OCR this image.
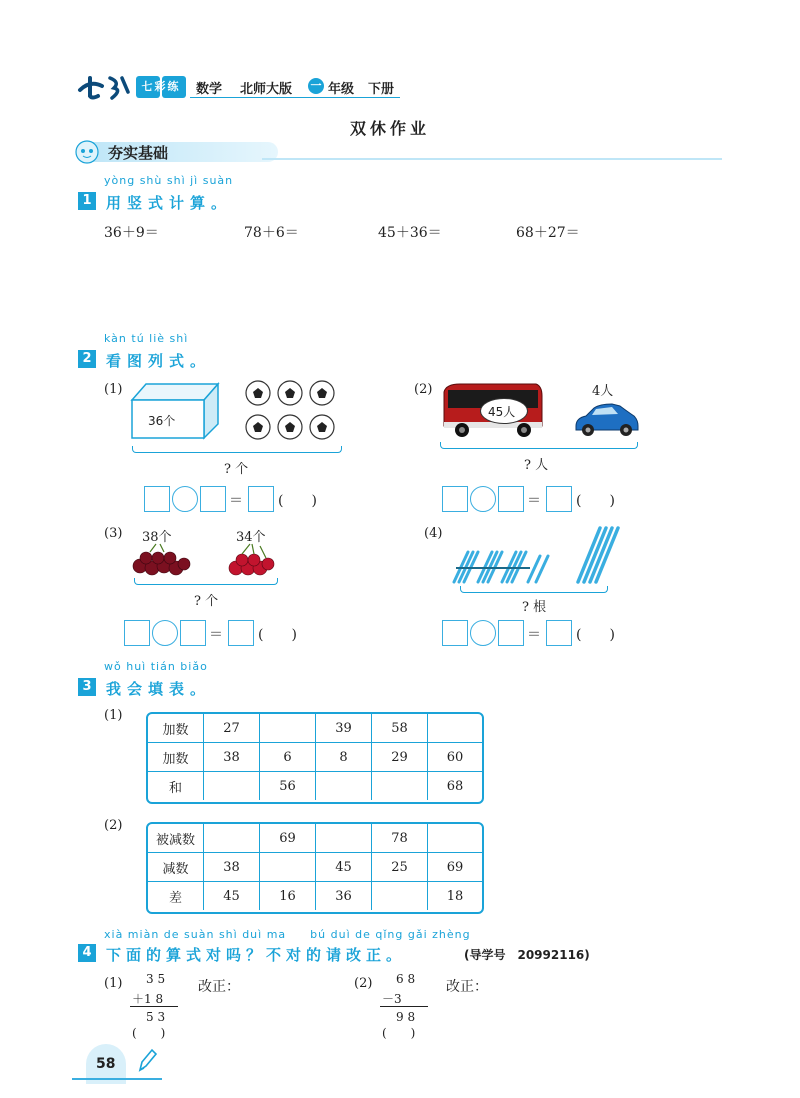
七彩练霸
数学 北师大版 一 年级 下册
双休作业
夯实基础
yòng shù shì jì suàn
1 用竖式计算。
36＋9＝	78＋6＝	45＋36＝	68＋27＝
kàn tú liè shì
2 看图列式。
(1)
36个
? 个
＝	(　　)
(2)
45人
4人
? 人
＝	(　　)
(3) 38个	34个
? 个
＝	(　　)
(4)
? 根
＝	(　　)
wǒ huì tián biǎo
3 我会填表。
(1)
加数	27		39	58	
加数	38	6	8	29	60
和		56			68
(2)
被减数		69		78	
减数	38		45	25	69
差	45	16	36		18
xià miàn de suàn shì duì ma　　bú duì de qǐng gǎi zhèng
4 下面的算式对吗？不对的请改正。	(导学号　20992116)
(1) 3 5
＋1 8
5 3
(　　)
改正：	(2) 6 8
－3
9 8
(　　)
改正：
58
